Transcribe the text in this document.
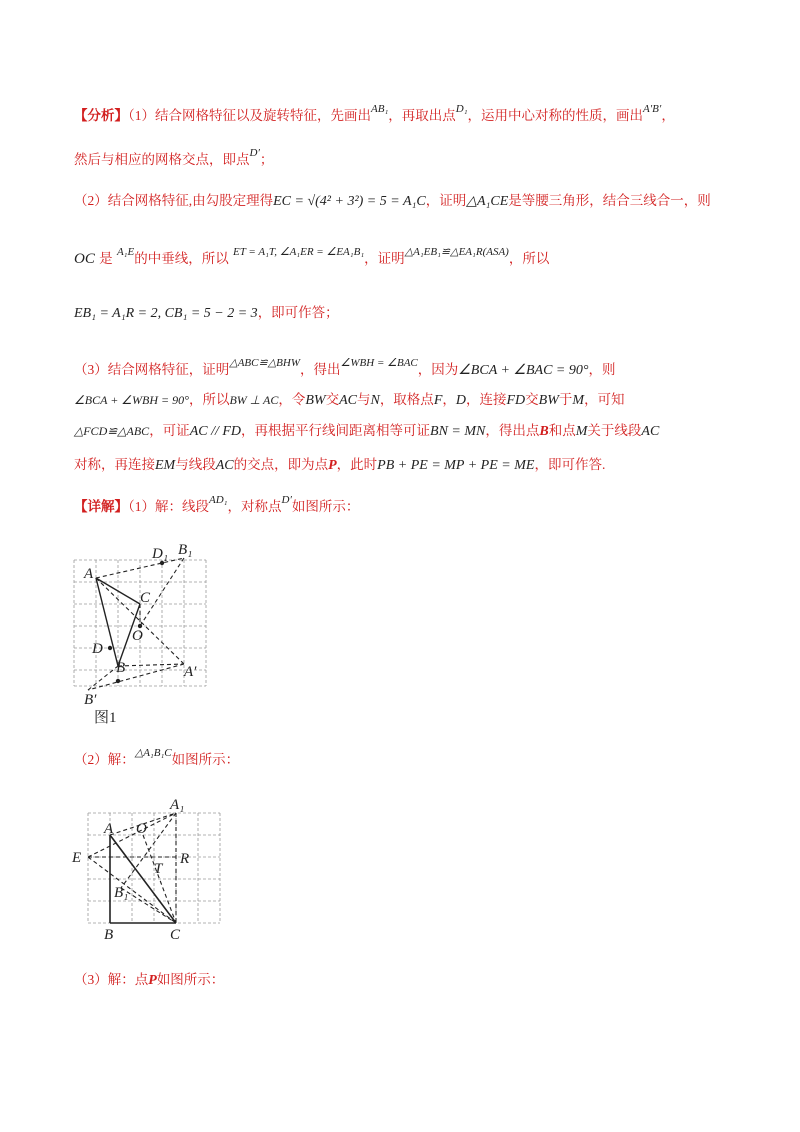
【分析】（1）结合网格特征以及旋转特征，先画出$^{AB_1}$，再取出点$^{D_1}$，运用中心对称的性质，画出$^{A'B'}$，
然后与相应的网格交点，即点$^{D'}$；
（2）结合网格特征,由勾股定理得EC = √(4² + 3²) = 5 = A₁C，证明△A₁CE是等腰三角形，结合三线合一，则
OC 是 $^{A_1E}$的中垂线，所以 $^{ET = A_1T, \angle A_1ER = \angle EA_1B_1}$，证明$^{\triangle A_1EB_1≌\triangle EA_1R(ASA)}$，所以
EB₁ = A₁R = 2, CB₁ = 5 − 2 = 3，即可作答；
（3）结合网格特征，证明$^{\triangle ABC≌\triangle BHW}$，得出$^{\angle WBH = \angle BAC}$，因为∠BCA + ∠BAC = 90°，则
∠BCA + ∠WBH = 90°，所以BW ⊥ AC，令BW交AC与N，取格点F，D，连接FD交BW于M，可知
△FCD≌△ABC，可证AC // FD，再根据平行线间距离相等可证BN = MN，得出点B和点M关于线段AC
对称，再连接EM与线段AC的交点，即为点P，此时PB + PE = MP + PE = ME，即可作答.
【详解】（1）解：线段$^{AD_1}$，对称点$^{D'}$如图所示：
D₁ B₁
A
C
O
D
B	A′
B′
图1
（2）解：$^{\triangle A_1B_1C}$如图所示：
A₁
A O
E	R
T
B₁
B	C
（3）解：点P如图所示：
